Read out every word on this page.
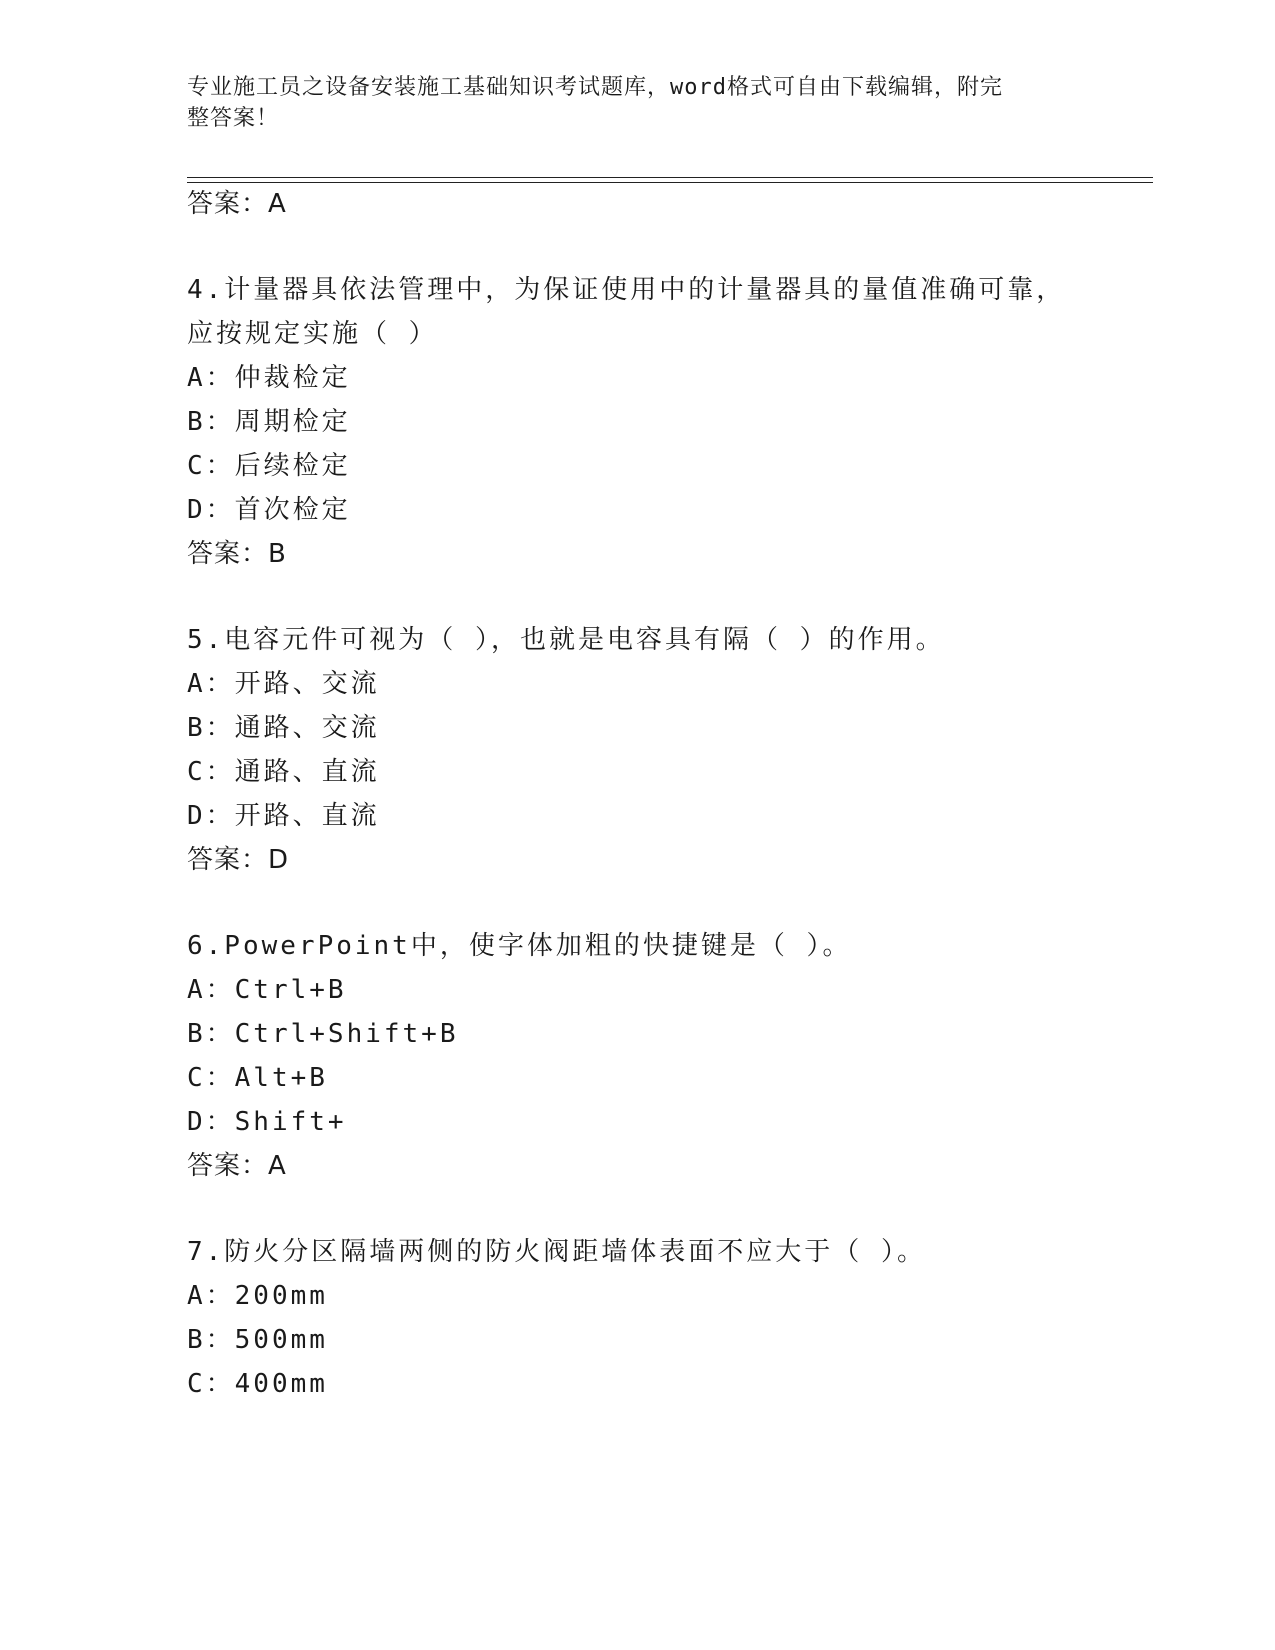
专业施工员之设备安装施工基础知识考试题库，word格式可自由下载编辑，附完
整答案！
答案：A
4.计量器具依法管理中，为保证使用中的计量器具的量值准确可靠，
应按规定实施（ ）
A：仲裁检定
B：周期检定
C：后续检定
D：首次检定
答案：B
5.电容元件可视为（ ），也就是电容具有隔（ ）的作用。
A：开路、交流
B：通路、交流
C：通路、直流
D：开路、直流
答案：D
6.PowerPoint中，使字体加粗的快捷键是（ ）。
A：Ctrl+B
B：Ctrl+Shift+B
C：Alt+B
D：Shift+
答案：A
7.防火分区隔墙两侧的防火阀距墙体表面不应大于（ ）。
A：200mm
B：500mm
C：400mm
